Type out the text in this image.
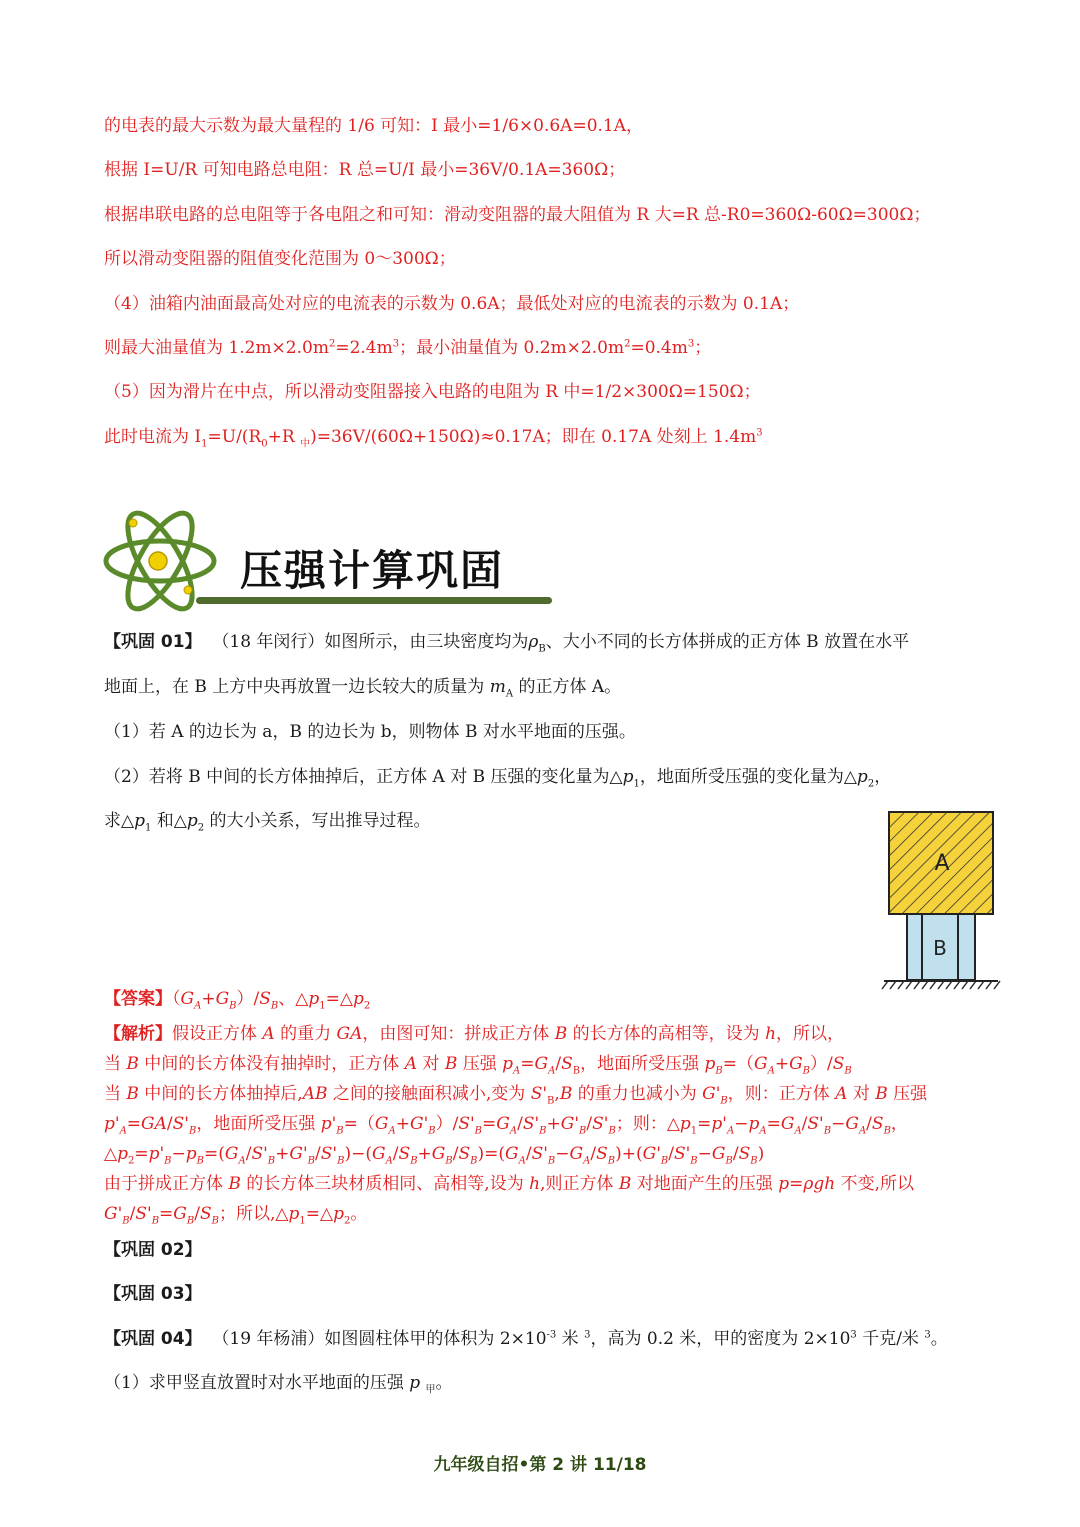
的电表的最大示数为最大量程的 1/6 可知：I 最小=1/6×0.6A=0.1A，
根据 I=U/R 可知电路总电阻：R 总=U/I 最小=36V/0.1A=360Ω；
根据串联电路的总电阻等于各电阻之和可知：滑动变阻器的最大阻值为 R 大=R 总-R0=360Ω-60Ω=300Ω；
所以滑动变阻器的阻值变化范围为 0～300Ω；
（4）油箱内油面最高处对应的电流表的示数为 0.6A；最低处对应的电流表的示数为 0.1A；
则最大油量值为 $1.2m\times 2.0m^2=2.4m^3$；最小油量值为 $0.2m\times 2.0m^2=0.4m^3$；
（5）因为滑片在中点，所以滑动变阻器接入电路的电阻为 R 中=1/2×300Ω=150Ω；
此时电流为 $I_1=U/(R_0+R$ $_中$)=36V/(60Ω+150Ω)≈0.17A；即在 0.17A 处刻上 $1.4m^3$
压强计算巩固
【巩固 01】  （18 年闵行）如图所示，由三块密度均为$\rho_B$、大小不同的长方体拼成的正方体 B 放置在水平
地面上，在 B 上方中央再放置一边长较大的质量为 $m_A$ 的正方体 A。
（1）若 A 的边长为 a，B 的边长为 b，则物体 B 对水平地面的压强。
（2）若将 B 中间的长方体抽掉后，正方体 A 对 B 压强的变化量为$\triangle p_1$，地面所受压强的变化量为$\triangle p_2$，
求$\triangle p_1$ 和$\triangle p_2$ 的大小关系，写出推导过程。
A
B
【答案】$(G_A+G_B)/S_B$、$\triangle p_1=\triangle p_2$
【解析】假设正方体 A 的重力 GA，由图可知：拼成正方体 B 的长方体的高相等，设为 h，所以，
当 B 中间的长方体没有抽掉时，正方体 A 对 B 压强 $p_A=G_A/S_B$，地面所受压强 $p_B=(G_A+G_B)/S_B$
当 B 中间的长方体抽掉后,AB 之间的接触面积减小,变为 $S'_B,B$ 的重力也减小为 $G'_B$，则：正方体 A 对 B 压强
$p'_A=GA/S'_B$，地面所受压强 $p'_B=(G_A+G'_B)/S'_B=G_A/S'_B+G'_B/S'_B$；则：$\triangle p_1=p'_A-p_A=G_A/S'_B-G_A/S_B$，
$\triangle p_2=p'_B-p_B=(G_A/S'_B+G'_B/S'_B)-(G_A/S_B+G_B/S_B)=(G_A/S'_B-G_A/S_B)+(G'_B/S'_B-G_B/S_B)$
由于拼成正方体 B 的长方体三块材质相同、高相等,设为 h,则正方体 B 对地面产生的压强 p=ρgh 不变,所以
$G'_B/S'_B=G_B/S_B$；所以$,\triangle p_1=\triangle p_2$。
【巩固 02】
【巩固 03】
【巩固 04】  （19 年杨浦）如图圆柱体甲的体积为 $2\times 10^{-3}$ 米 $^3$，高为 0.2 米，甲的密度为 $2\times 10^3$ 千克/米 $^3$。
（1）求甲竖直放置时对水平地面的压强 p $_甲$。
九年级自招•第 2 讲 11/18
